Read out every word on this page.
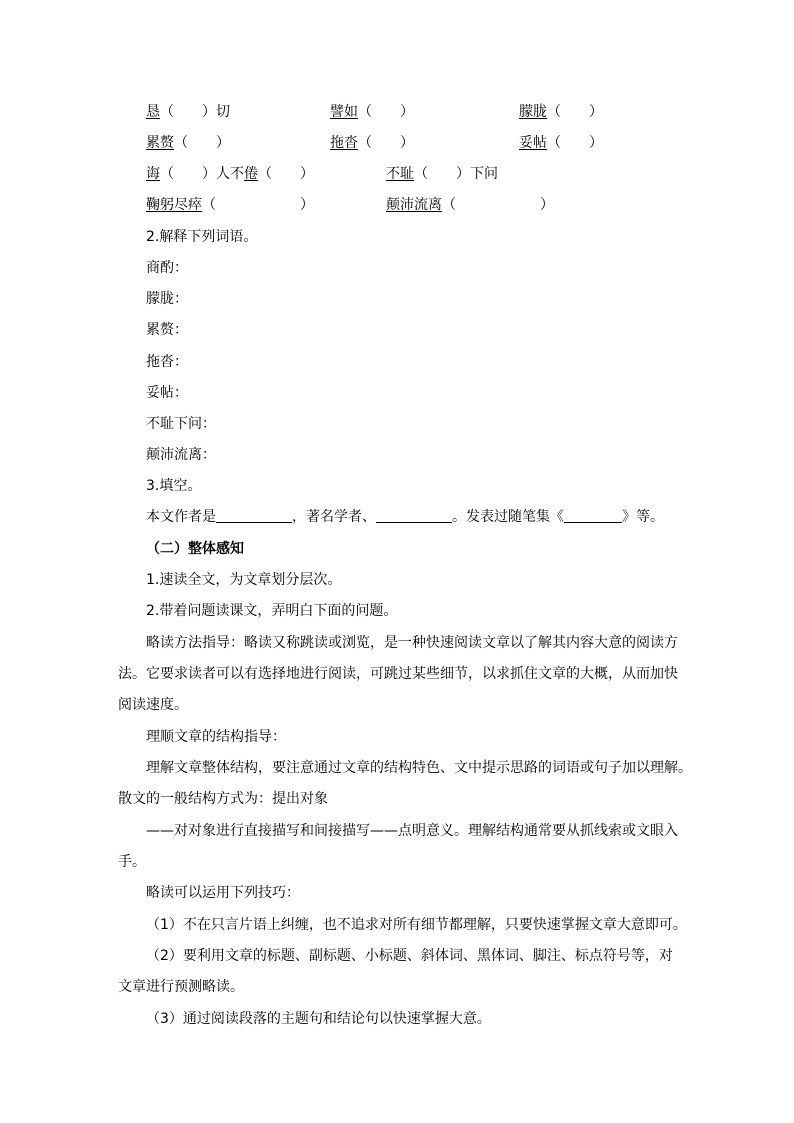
恳（　　）切	譬如（　　）	朦胧（　　）
累赘（　　）	拖沓（　　）	妥帖（　　）
诲（　　）人不倦（　　）	不耻（　　）下问
鞠躬尽瘁（　　　　　　）	颠沛流离（　　　　　　）
2.解释下列词语。
商酌：
朦胧：
累赘：
拖沓：
妥帖：
不耻下问：
颠沛流离：
3.填空。
本文作者是	，著名学者、	。发表过随笔集《	》等。
（二）整体感知
1.速读全文，为文章划分层次。
2.带着问题读课文，弄明白下面的问题。
略读方法指导：略读又称跳读或浏览，是一种快速阅读文章以了解其内容大意的阅读方
法。它要求读者可以有选择地进行阅读，可跳过某些细节，以求抓住文章的大概，从而加快
阅读速度。
理顺文章的结构指导：
理解文章整体结构，要注意通过文章的结构特色、文中提示思路的词语或句子加以理解。
散文的一般结构方式为：提出对象
——对对象进行直接描写和间接描写——点明意义。理解结构通常要从抓线索或文眼入
手。
略读可以运用下列技巧：
（1）不在只言片语上纠缠，也不追求对所有细节都理解，只要快速掌握文章大意即可。
（2）要利用文章的标题、副标题、小标题、斜体词、黑体词、脚注、标点符号等，对
文章进行预测略读。
（3）通过阅读段落的主题句和结论句以快速掌握大意。
